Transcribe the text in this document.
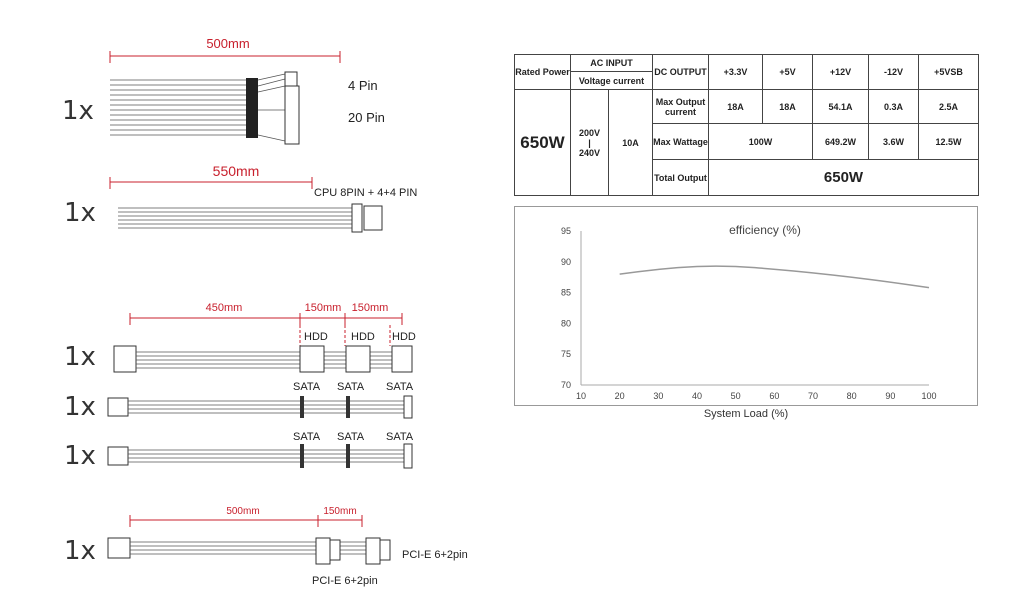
1x
1x
1x
1x
1x
1x
500mm
4 Pin
20 Pin
550mm
CPU 8PIN + 4+4 PIN
450mm	150mm 150mm
HDD HDD HDD
SATA SATA SATA
SATA SATA SATA
500mm	150mm
PCI-E 6+2pin
PCI-E 6+2pin
Rated Power	AC INPUT		DC OUTPUT	+3.3V	+5V	+12V	-12V	+5VSB
	Voltage current							
650W	200V
|
240V	10A	Max Output current	18A	18A	54.1A	0.3A	2.5A
			Max Wattage	100W		649.2W	3.6W	12.5W
			Total Output	650W				
efficiency (%)
70
75
80
85
90
95
10	20	30	40	50	60	70	80	90	100
System Load (%)
